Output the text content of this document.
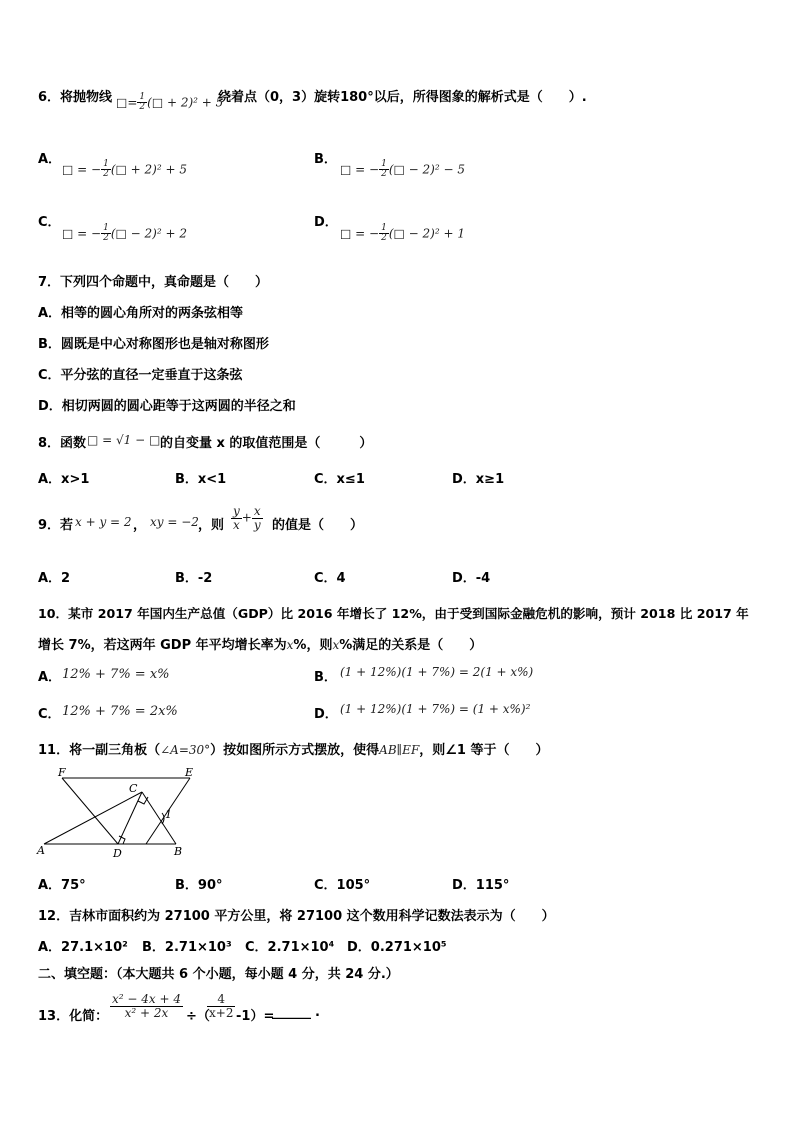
6．将抛物线 □= $\frac{1}{2}$ (□ + 2)² + 5
绕着点（0，3）旋转180°以后，所得图象的解析式是（　　）.
A．
□ = − $\frac{1}{2}$ (□ + 2)² + 5
B．
□ = − $\frac{1}{2}$ (□ − 2)² − 5
C．
□ = − $\frac{1}{2}$ (□ − 2)² + 2
D．
□ = − $\frac{1}{2}$ (□ − 2)² + 1
7．下列四个命题中，真命题是（　　）
A．相等的圆心角所对的两条弦相等
B．圆既是中心对称图形也是轴对称图形
C．平分弦的直径一定垂直于这条弦
D．相切两圆的圆心距等于这两圆的半径之和
8．函数 □ = √1 − □ 的自变量 x 的取值范围是（　　　）
A．x>1	B．x<1	C．x≤1	D．x≥1
9．若 x + y = 2 ， xy = −2 ，则 $\frac{y}{x} + \frac{x}{y}$ 的值是（　　）
A．2	B．-2	C．4	D．-4
10．某市 2017 年国内生产总值（GDP）比 2016 年增长了 12%，由于受到国际金融危机的影响，预计 2018 比 2017 年
增长 7%，若这两年 GDP 年平均增长率为x%，则x%满足的关系是（　　）
A． 12% + 7% = x%	B． (1 + 12%)(1 + 7%) = 2(1 + x%)
C． 12% + 7% = 2x%	D． (1 + 12%)(1 + 7%) = (1 + x%)²
11．将一副三角板（∠A=30°）按如图所示方式摆放，使得AB∥EF，则∠1 等于（　　）
F	E
C
1
A	D	B
A．75°	B．90°	C．105°	D．115°
12．吉林市面积约为 27100 平方公里，将 27100 这个数用科学记数法表示为（　　）
A．27.1×10² B．2.71×10³ C．2.71×10⁴ D．0.271×10⁵
二、填空题：（本大题共 6 个小题，每小题 4 分，共 24 分.）
13．化简： $\frac{\text{x² − 4x + 4}}{\text{x² + 2x}}$ ÷（
$\frac{4}{x+2} -1)=$
______ .
